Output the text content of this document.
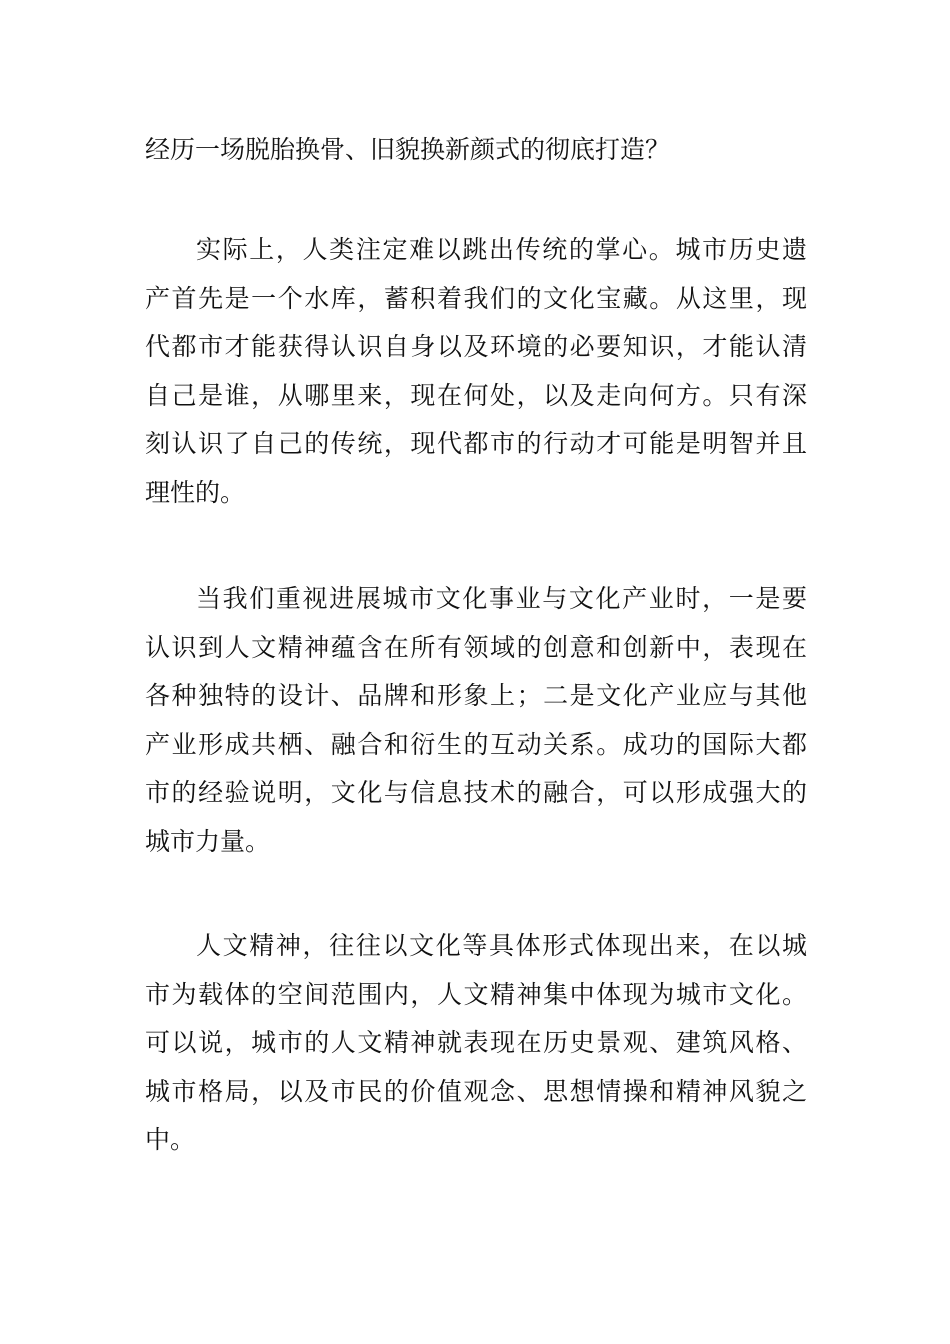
经历一场脱胎换骨、旧貌换新颜式的彻底打造？
实际上，人类注定难以跳出传统的掌心。城市历史遗
产首先是一个水库，蓄积着我们的文化宝藏。从这里，现
代都市才能获得认识自身以及环境的必要知识，才能认清
自己是谁，从哪里来，现在何处，以及走向何方。只有深
刻认识了自己的传统，现代都市的行动才可能是明智并且
理性的。
当我们重视进展城市文化事业与文化产业时，一是要
认识到人文精神蕴含在所有领域的创意和创新中，表现在
各种独特的设计、品牌和形象上；二是文化产业应与其他
产业形成共栖、融合和衍生的互动关系。成功的国际大都
市的经验说明，文化与信息技术的融合，可以形成强大的
城市力量。
人文精神，往往以文化等具体形式体现出来，在以城
市为载体的空间范围内，人文精神集中体现为城市文化。
可以说，城市的人文精神就表现在历史景观、建筑风格、
城市格局，以及市民的价值观念、思想情操和精神风貌之
中。
